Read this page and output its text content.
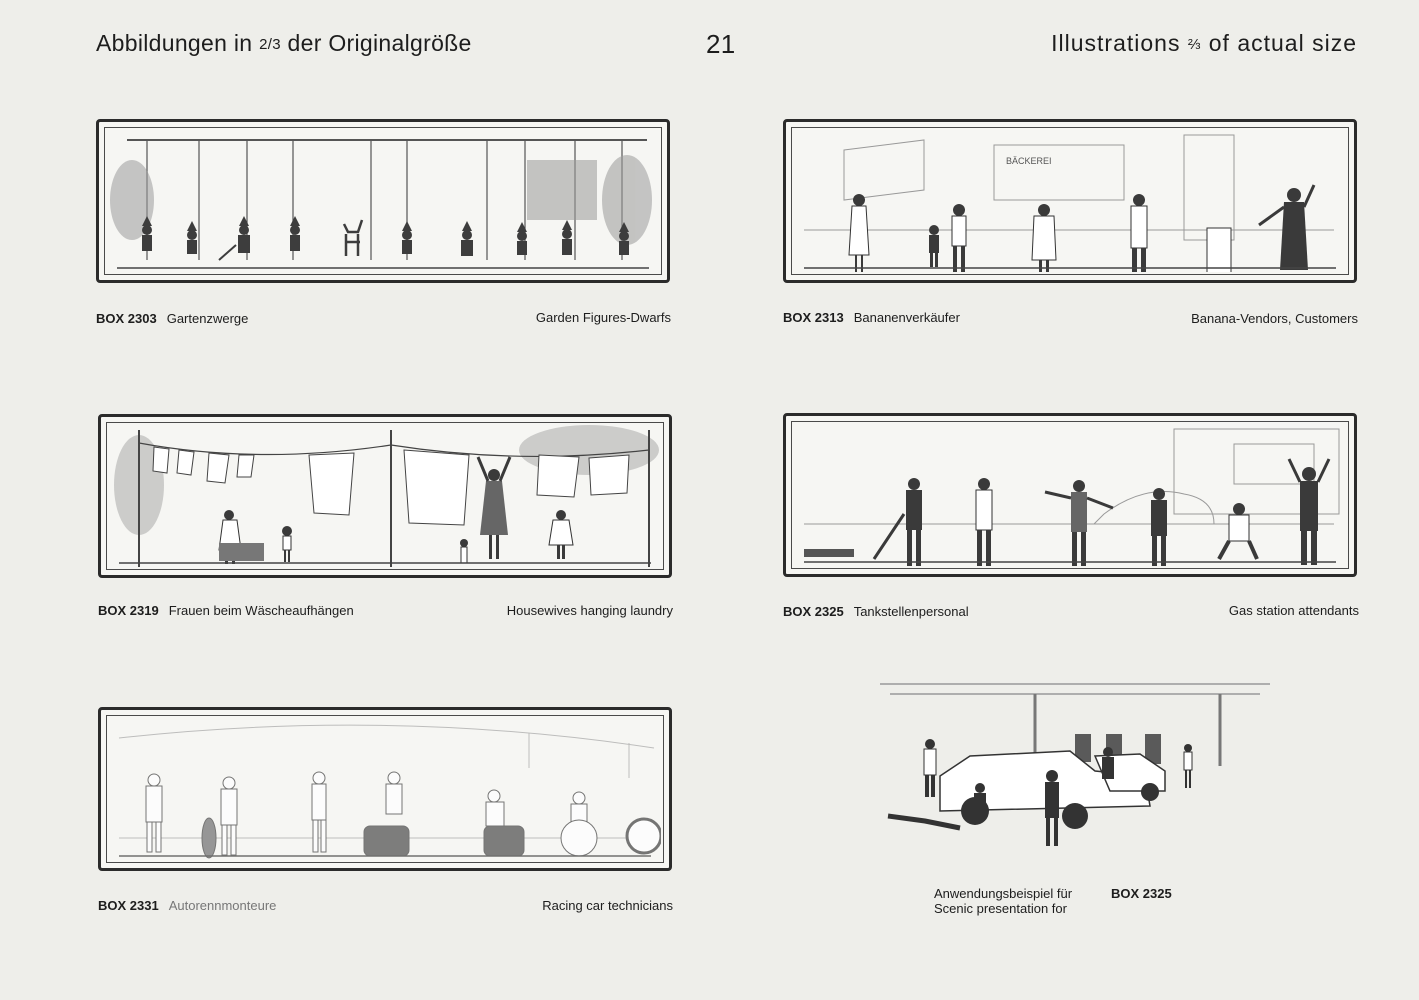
Abbildungen in 2/3 der Originalgröße	21	Illustrations ⅔ of actual size
BOX 2303 Gartenzwerge	Garden Figures-Dwarfs
BÄCKEREI
BOX 2313 Bananenverkäufer	Banana-Vendors, Customers
BOX 2319 Frauen beim Wäscheaufhängen	Housewives hanging laundry	BOX 2325 Tankstellenpersonal	Gas station attendants
BOX 2331 Autorennmonteure	Racing car technicians
Anwendungsbeispiel für
Scenic presentation for
BOX 2325
